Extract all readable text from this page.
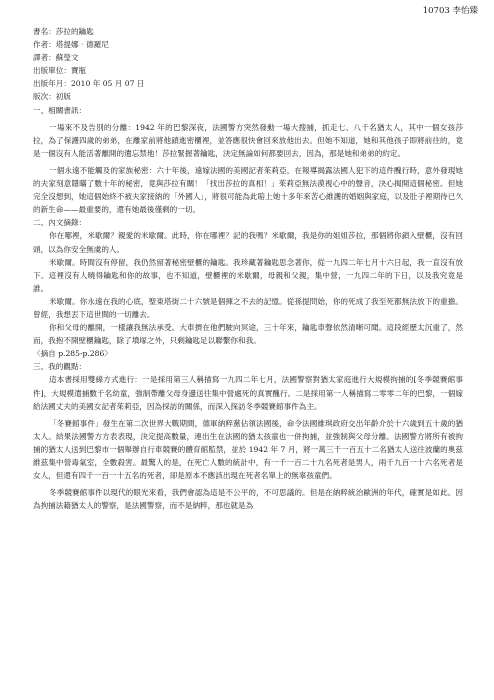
10703 李怡臻
書名：莎拉的鑰匙
作者：塔提娜‧德羅尼
譯者：蘇瑩文
出版單位：寶瓶
出版年月：2010 年 05 月 07 日
版次：初版
一、相關書訊：

一場來不及告別的分離：1942 年的巴黎深夜，法國警方突然發動一場大搜捕，抓走七、八千名猶太人，其中一個女孩莎拉，為了保護四歲的弟弟，在離家前將他鎖進密櫃裡，並答應很快會回來放他出去。但她不知道，她和其他孩子即將前往的，竟是一個沒有人能活著離開的遺忘禁地！莎拉緊握著鑰匙，決定無論如何都要回去，因為，那是她和弟弟的約定。

一個永遠不能觸及的家族秘密：六十年後，遠嫁法國的美國記者茱莉亞，在報導揭露法國人犯下的這件醜行時，意外發現她的夫家刻意隱瞞了數十年的秘密，竟與莎拉有關！「找出莎拉的真相！」茱莉亞無法漠視心中的聲音，決心揭開這個秘密。但她完全沒想到，她這個始終不被夫家接納的「外國人」，將很可能為此賠上她十多年來苦心維護的婚姻與家庭，以及肚子裡期待已久的新生命——最重要的，還有她最後僅剩的一切。

二、內文摘錄：

你在哪裡，米歇爾？親愛的米歇爾。此時，你在哪裡？記的我嗎？米歇爾，我是你的姐姐莎拉，那個將你鎖入壁櫃，沒有回頭，以為你安全無虞的人。

米歇爾。時間沒有停留，我仍然留著秘密壁櫃的鑰匙。我珍藏著鑰匙思念著你，從一九四二年七月十六日起，我一直沒有放下。這裡沒有人曉得鑰匙和你的故事，也不知道，壁櫃裡的米歇爾，母親和父親，集中營，一九四二年的下日，以及我究竟是誰。

米歇爾。你永遠在我的心底，聖東塔街二十六號是個揮之不去的記憶。從孫提問始，你的死成了我至死都無法放下的重擔。曾經，我想丟下這世間的一切離去。

你和父母的離開，一樣讓我無法承受。大車擠在他們駛向冥途，三十年來，鑰匙車聲依然清晰可聞。這段經歷太沉重了，然而，我抱不開壁櫃鑰匙，除了墳塚之外，只剩鑰匙足以聯繫你和我。

〈摘自 p.285-p.286〉
三、我的觀點：

這本書採用雙線方式進行：一是採用第三人稱描寫一九四二年七月，法國警察對猶太家庭進行大規模拘捕的[冬季競賽館事件]，大規模遣捕數千名幼童，強制帶離父母身邊送往集中營處死的真實醜行。二是採用第一人稱描寫二零零二年的巴黎，一個嫁給法國丈夫的美國女記者茱莉亞，因為採訪的關係，而深入探訪冬季競賽館事件為主。

「冬賽館事件」發生在第二次世界大戰期間，德軍納粹黨佔領法國後，命令法國維琪政府交出年齡介於十六歲到五十歲的猶太人。結果法國警方方表表現，決定提高數量，連出生在法國的猶太孩童也一併拘捕，並強制與父母分離。法國警方將所有被拘捕的猶太人送到巴黎市一個舉辦自行車競賽的體育館監禁，並於 1942 年 7 月，將一萬三千一百五十二名猶太人送往波蘭的奧茲維茲集中營毒氣室，全數殺害。最驚人的是，在死亡人數的統計中，有一千一百二十九名死者是男人，兩千九百一十六名死者是女人，但還有四千一百一十五名的死者，卻是原本不應該出現在死者名單上的無辜孩童們。

冬季競賽館事件以現代的眼光來看，我們會認為這是不公平的，不可思議的。但是在納粹統治歐洲的年代，確實是如此。因為拘捕法籍猶太人的警察，是法國警察，而不是納粹，那也就是為
